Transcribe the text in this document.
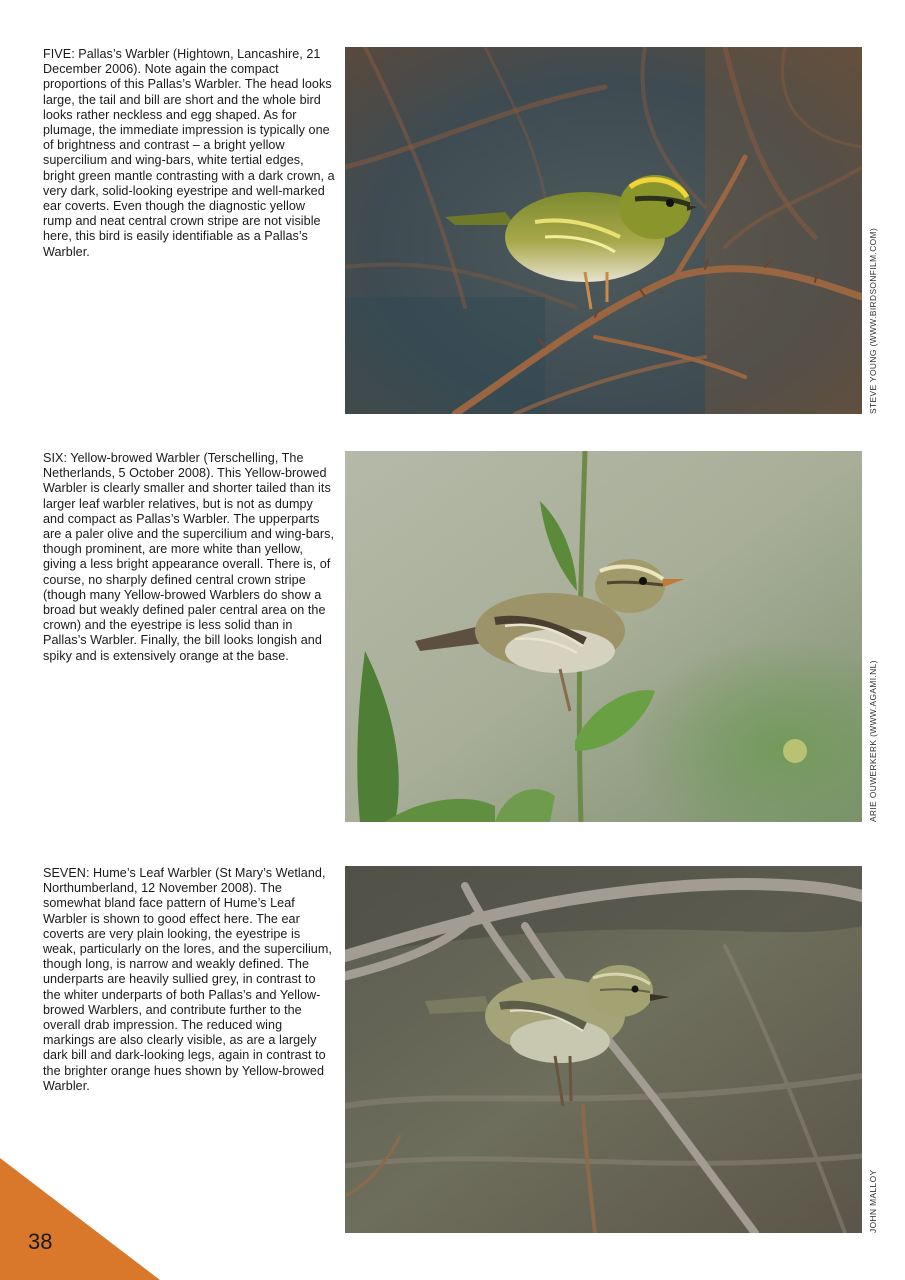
FIVE: Pallas’s Warbler (Hightown, Lancashire, 21 December 2006). Note again the compact proportions of this Pallas’s Warbler. The head looks large, the tail and bill are short and the whole bird looks rather neckless and egg shaped. As for plumage, the immediate impression is typically one of brightness and contrast – a bright yellow supercilium and wing-bars, white tertial edges, bright green mantle contrasting with a dark crown, a very dark, solid-looking eyestripe and well-marked ear coverts. Even though the diagnostic yellow rump and neat central crown stripe are not visible here, this bird is easily identifiable as a Pallas’s Warbler.	STEVE YOUNG (WWW.BIRDSONFILM.COM)

SIX: Yellow-browed Warbler (Terschelling, The Netherlands, 5 October 2008). This Yellow-browed Warbler is clearly smaller and shorter tailed than its larger leaf warbler relatives, but is not as dumpy and compact as Pallas’s Warbler. The upperparts are a paler olive and the supercilium and wing-bars, though prominent, are more white than yellow, giving a less bright appearance overall. There is, of course, no sharply defined central crown stripe (though many Yellow-browed Warblers do show a broad but weakly defined paler central area on the crown) and the eyestripe is less solid than in Pallas’s Warbler. Finally, the bill looks longish and spiky and is extensively orange at the base.

ARIE OUWERKERK (WWW.AGAMI.NL)

SEVEN: Hume’s Leaf Warbler (St Mary’s Wetland, Northumberland, 12 November 2008). The somewhat bland face pattern of Hume’s Leaf Warbler is shown to good effect here. The ear coverts are very plain looking, the eyestripe is weak, particularly on the lores, and the supercilium, though long, is narrow and weakly defined. The underparts are heavily sullied grey, in contrast to the whiter underparts of both Pallas’s and Yellow-browed Warblers, and contribute further to the overall drab impression. The reduced wing markings are also clearly visible, as are a largely dark bill and dark-looking legs, again in contrast to the brighter orange hues shown by Yellow-browed Warbler.

JOHN MALLOY
38
